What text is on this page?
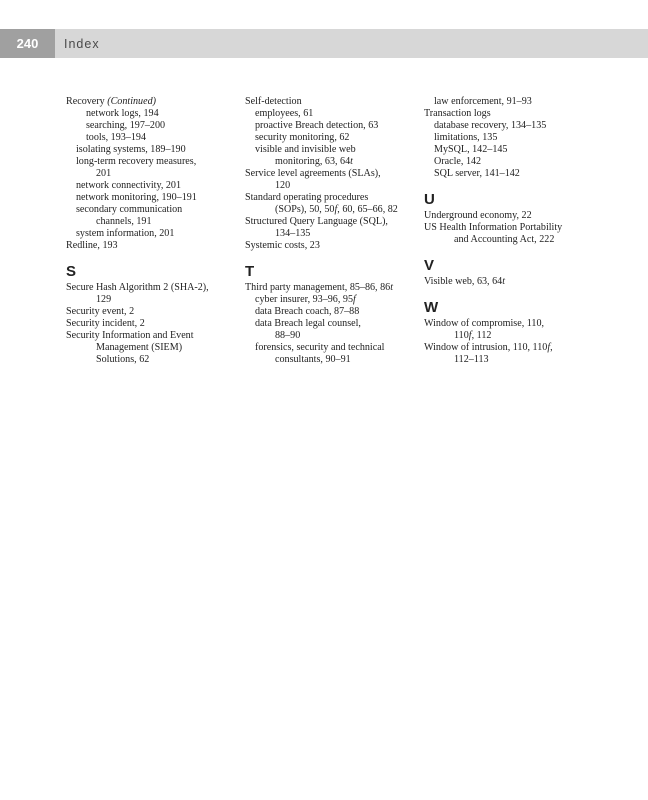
240	Index
Recovery (Continued)
network logs, 194
searching, 197–200
tools, 193–194
isolating systems, 189–190
long-term recovery measures,
201
network connectivity, 201
network monitoring, 190–191
secondary communication
channels, 191
system information, 201
Redline, 193
S
Secure Hash Algorithm 2 (SHA-2),
129
Security event, 2
Security incident, 2
Security Information and Event
Management (SIEM)
Solutions, 62
Self-detection
employees, 61
proactive Breach detection, 63
security monitoring, 62
visible and invisible web
monitoring, 63, 64t
Service level agreements (SLAs),
120
Standard operating procedures
(SOPs), 50, 50f, 60, 65–66, 82
Structured Query Language (SQL),
134–135
Systemic costs, 23
T
Third party management, 85–86, 86t
cyber insurer, 93–96, 95f
data Breach coach, 87–88
data Breach legal counsel,
88–90
forensics, security and technical
consultants, 90–91
law enforcement, 91–93
Transaction logs
database recovery, 134–135
limitations, 135
MySQL, 142–145
Oracle, 142
SQL server, 141–142
U
Underground economy, 22
US Health Information Portability
and Accounting Act, 222
V
Visible web, 63, 64t
W
Window of compromise, 110,
110f, 112
Window of intrusion, 110, 110f,
112–113
